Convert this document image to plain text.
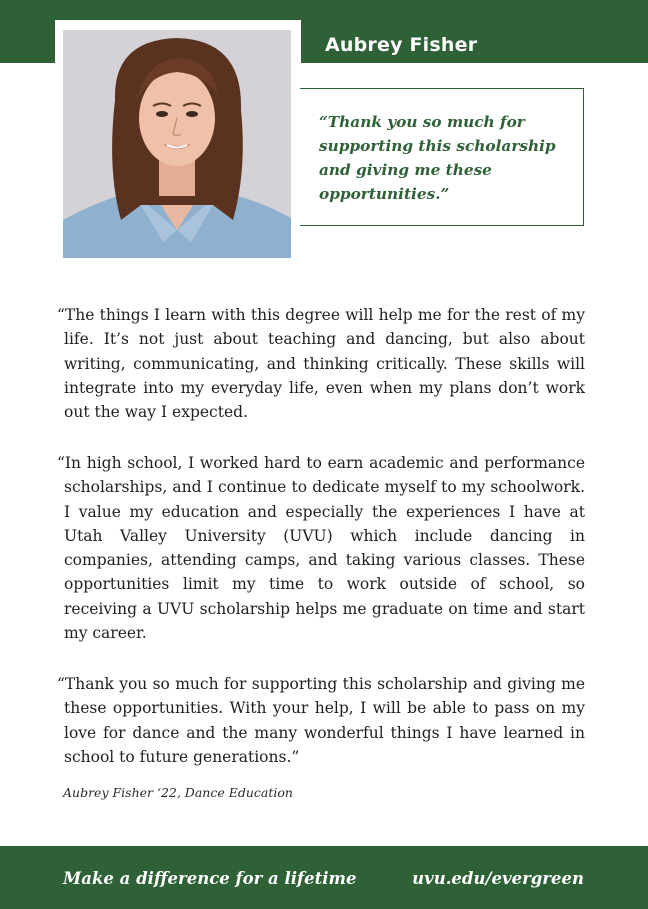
Aubrey Fisher
“Thank you so much for supporting this scholarship and giving me these opportunities.”
“The things I learn with this degree will help me for the rest of my life. It’s not just about teaching and dancing, but also about writing, communicating, and thinking critically. These skills will integrate into my everyday life, even when my plans don’t work out the way I expected.
“In high school, I worked hard to earn academic and performance scholarships, and I continue to dedicate myself to my schoolwork. I value my education and especially the experiences I have at Utah Valley University (UVU) which include dancing in companies, attending camps, and taking various classes. These opportunities limit my time to work outside of school, so receiving a UVU scholarship helps me graduate on time and start my career.
“Thank you so much for supporting this scholarship and giving me these opportunities. With your help, I will be able to pass on my love for dance and the many wonderful things I have learned in school to future generations.”
Aubrey Fisher ‘22, Dance Education
Make a difference for a lifetime	uvu.edu/evergreen
